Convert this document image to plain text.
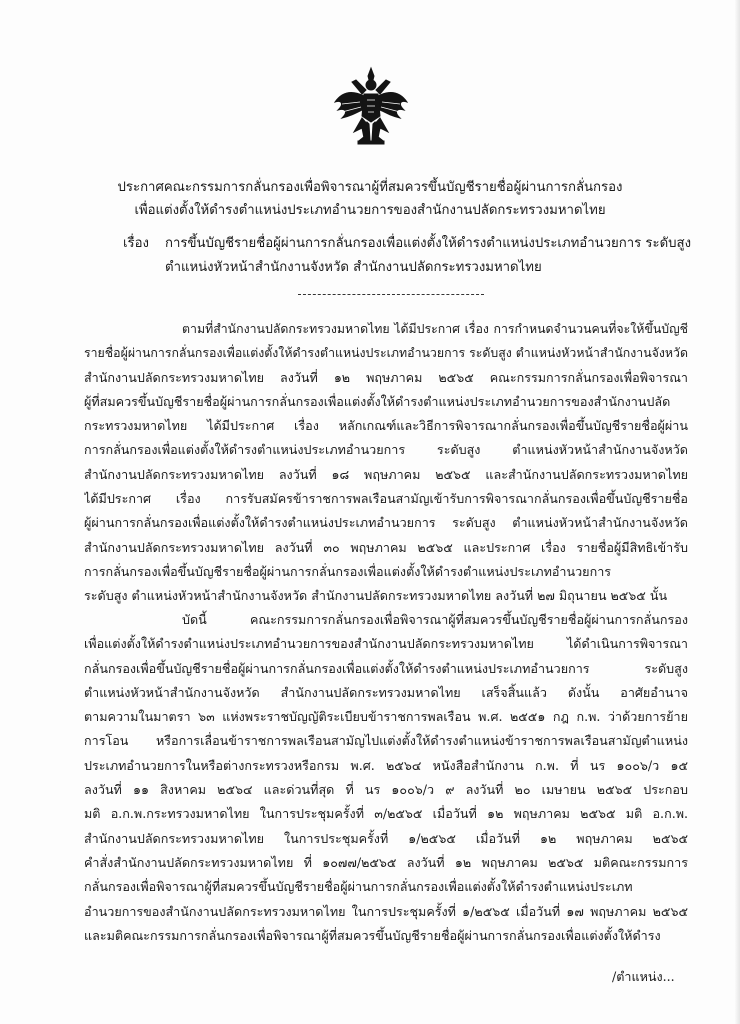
ประกาศคณะกรรมการกลั่นกรองเพื่อพิจารณาผู้ที่สมควรขึ้นบัญชีรายชื่อผู้ผ่านการกลั่นกรอง
เพื่อแต่งตั้งให้ดำรงตำแหน่งประเภทอำนวยการของสำนักงานปลัดกระทรวงมหาดไทย
เรื่อง การขึ้นบัญชีรายชื่อผู้ผ่านการกลั่นกรองเพื่อแต่งตั้งให้ดำรงตำแหน่งประเภทอำนวยการ ระดับสูง
ตำแหน่งหัวหน้าสำนักงานจังหวัด สำนักงานปลัดกระทรวงมหาดไทย
ตามที่สำนักงานปลัดกระทรวงมหาดไทย ได้มีประกาศ เรื่อง การกำหนดจำนวนคนที่จะให้ขึ้นบัญชี
รายชื่อผู้ผ่านการกลั่นกรองเพื่อแต่งตั้งให้ดำรงตำแหน่งประเภทอำนวยการ ระดับสูง ตำแหน่งหัวหน้าสำนักงานจังหวัด
สำนักงานปลัดกระทรวงมหาดไทย ลงวันที่ ๑๒ พฤษภาคม ๒๕๖๕ คณะกรรมการกลั่นกรองเพื่อพิจารณา
ผู้ที่สมควรขึ้นบัญชีรายชื่อผู้ผ่านการกลั่นกรองเพื่อแต่งตั้งให้ดำรงตำแหน่งประเภทอำนวยการของสำนักงานปลัด
กระทรวงมหาดไทย ได้มีประกาศ เรื่อง หลักเกณฑ์และวิธีการพิจารณากลั่นกรองเพื่อขึ้นบัญชีรายชื่อผู้ผ่าน
การกลั่นกรองเพื่อแต่งตั้งให้ดำรงตำแหน่งประเภทอำนวยการ ระดับสูง ตำแหน่งหัวหน้าสำนักงานจังหวัด
สำนักงานปลัดกระทรวงมหาดไทย ลงวันที่ ๑๘ พฤษภาคม ๒๕๖๕ และสำนักงานปลัดกระทรวงมหาดไทย
ได้มีประกาศ เรื่อง การรับสมัครข้าราชการพลเรือนสามัญเข้ารับการพิจารณากลั่นกรองเพื่อขึ้นบัญชีรายชื่อ
ผู้ผ่านการกลั่นกรองเพื่อแต่งตั้งให้ดำรงตำแหน่งประเภทอำนวยการ ระดับสูง ตำแหน่งหัวหน้าสำนักงานจังหวัด
สำนักงานปลัดกระทรวงมหาดไทย ลงวันที่ ๓๐ พฤษภาคม ๒๕๖๕ และประกาศ เรื่อง รายชื่อผู้มีสิทธิเข้ารับ
การกลั่นกรองเพื่อขึ้นบัญชีรายชื่อผู้ผ่านการกลั่นกรองเพื่อแต่งตั้งให้ดำรงตำแหน่งประเภทอำนวยการ
ระดับสูง ตำแหน่งหัวหน้าสำนักงานจังหวัด สำนักงานปลัดกระทรวงมหาดไทย ลงวันที่ ๒๗ มิถุนายน ๒๕๖๕ นั้น
บัดนี้ คณะกรรมการกลั่นกรองเพื่อพิจารณาผู้ที่สมควรขึ้นบัญชีรายชื่อผู้ผ่านการกลั่นกรอง
เพื่อแต่งตั้งให้ดำรงตำแหน่งประเภทอำนวยการของสำนักงานปลัดกระทรวงมหาดไทย ได้ดำเนินการพิจารณา
กลั่นกรองเพื่อขึ้นบัญชีรายชื่อผู้ผ่านการกลั่นกรองเพื่อแต่งตั้งให้ดำรงตำแหน่งประเภทอำนวยการ ระดับสูง
ตำแหน่งหัวหน้าสำนักงานจังหวัด สำนักงานปลัดกระทรวงมหาดไทย เสร็จสิ้นแล้ว ดังนั้น อาศัยอำนาจ
ตามความในมาตรา ๖๓ แห่งพระราชบัญญัติระเบียบข้าราชการพลเรือน พ.ศ. ๒๕๕๑ กฎ ก.พ. ว่าด้วยการย้าย
การโอน หรือการเลื่อนข้าราชการพลเรือนสามัญไปแต่งตั้งให้ดำรงตำแหน่งข้าราชการพลเรือนสามัญตำแหน่ง
ประเภทอำนวยการในหรือต่างกระทรวงหรือกรม พ.ศ. ๒๕๖๔ หนังสือสำนักงาน ก.พ. ที่ นร ๑๐๐๖/ว ๑๕
ลงวันที่ ๑๑ สิงหาคม ๒๕๖๔ และด่วนที่สุด ที่ นร ๑๐๐๖/ว ๙ ลงวันที่ ๒๐ เมษายน ๒๕๖๕ ประกอบ
มติ อ.ก.พ.กระทรวงมหาดไทย ในการประชุมครั้งที่ ๓/๒๕๖๕ เมื่อวันที่ ๑๒ พฤษภาคม ๒๕๖๕ มติ อ.ก.พ.
สำนักงานปลัดกระทรวงมหาดไทย ในการประชุมครั้งที่ ๑/๒๕๖๕ เมื่อวันที่ ๑๒ พฤษภาคม ๒๕๖๕
คำสั่งสำนักงานปลัดกระทรวงมหาดไทย ที่ ๑๐๗๗/๒๕๖๕ ลงวันที่ ๑๒ พฤษภาคม ๒๕๖๕ มติคณะกรรมการ
กลั่นกรองเพื่อพิจารณาผู้ที่สมควรขึ้นบัญชีรายชื่อผู้ผ่านการกลั่นกรองเพื่อแต่งตั้งให้ดำรงตำแหน่งประเภท
อำนวยการของสำนักงานปลัดกระทรวงมหาดไทย ในการประชุมครั้งที่ ๑/๒๕๖๕ เมื่อวันที่ ๑๗ พฤษภาคม ๒๕๖๕
และมติคณะกรรมการกลั่นกรองเพื่อพิจารณาผู้ที่สมควรขึ้นบัญชีรายชื่อผู้ผ่านการกลั่นกรองเพื่อแต่งตั้งให้ดำรง
/ตำแหน่ง...
